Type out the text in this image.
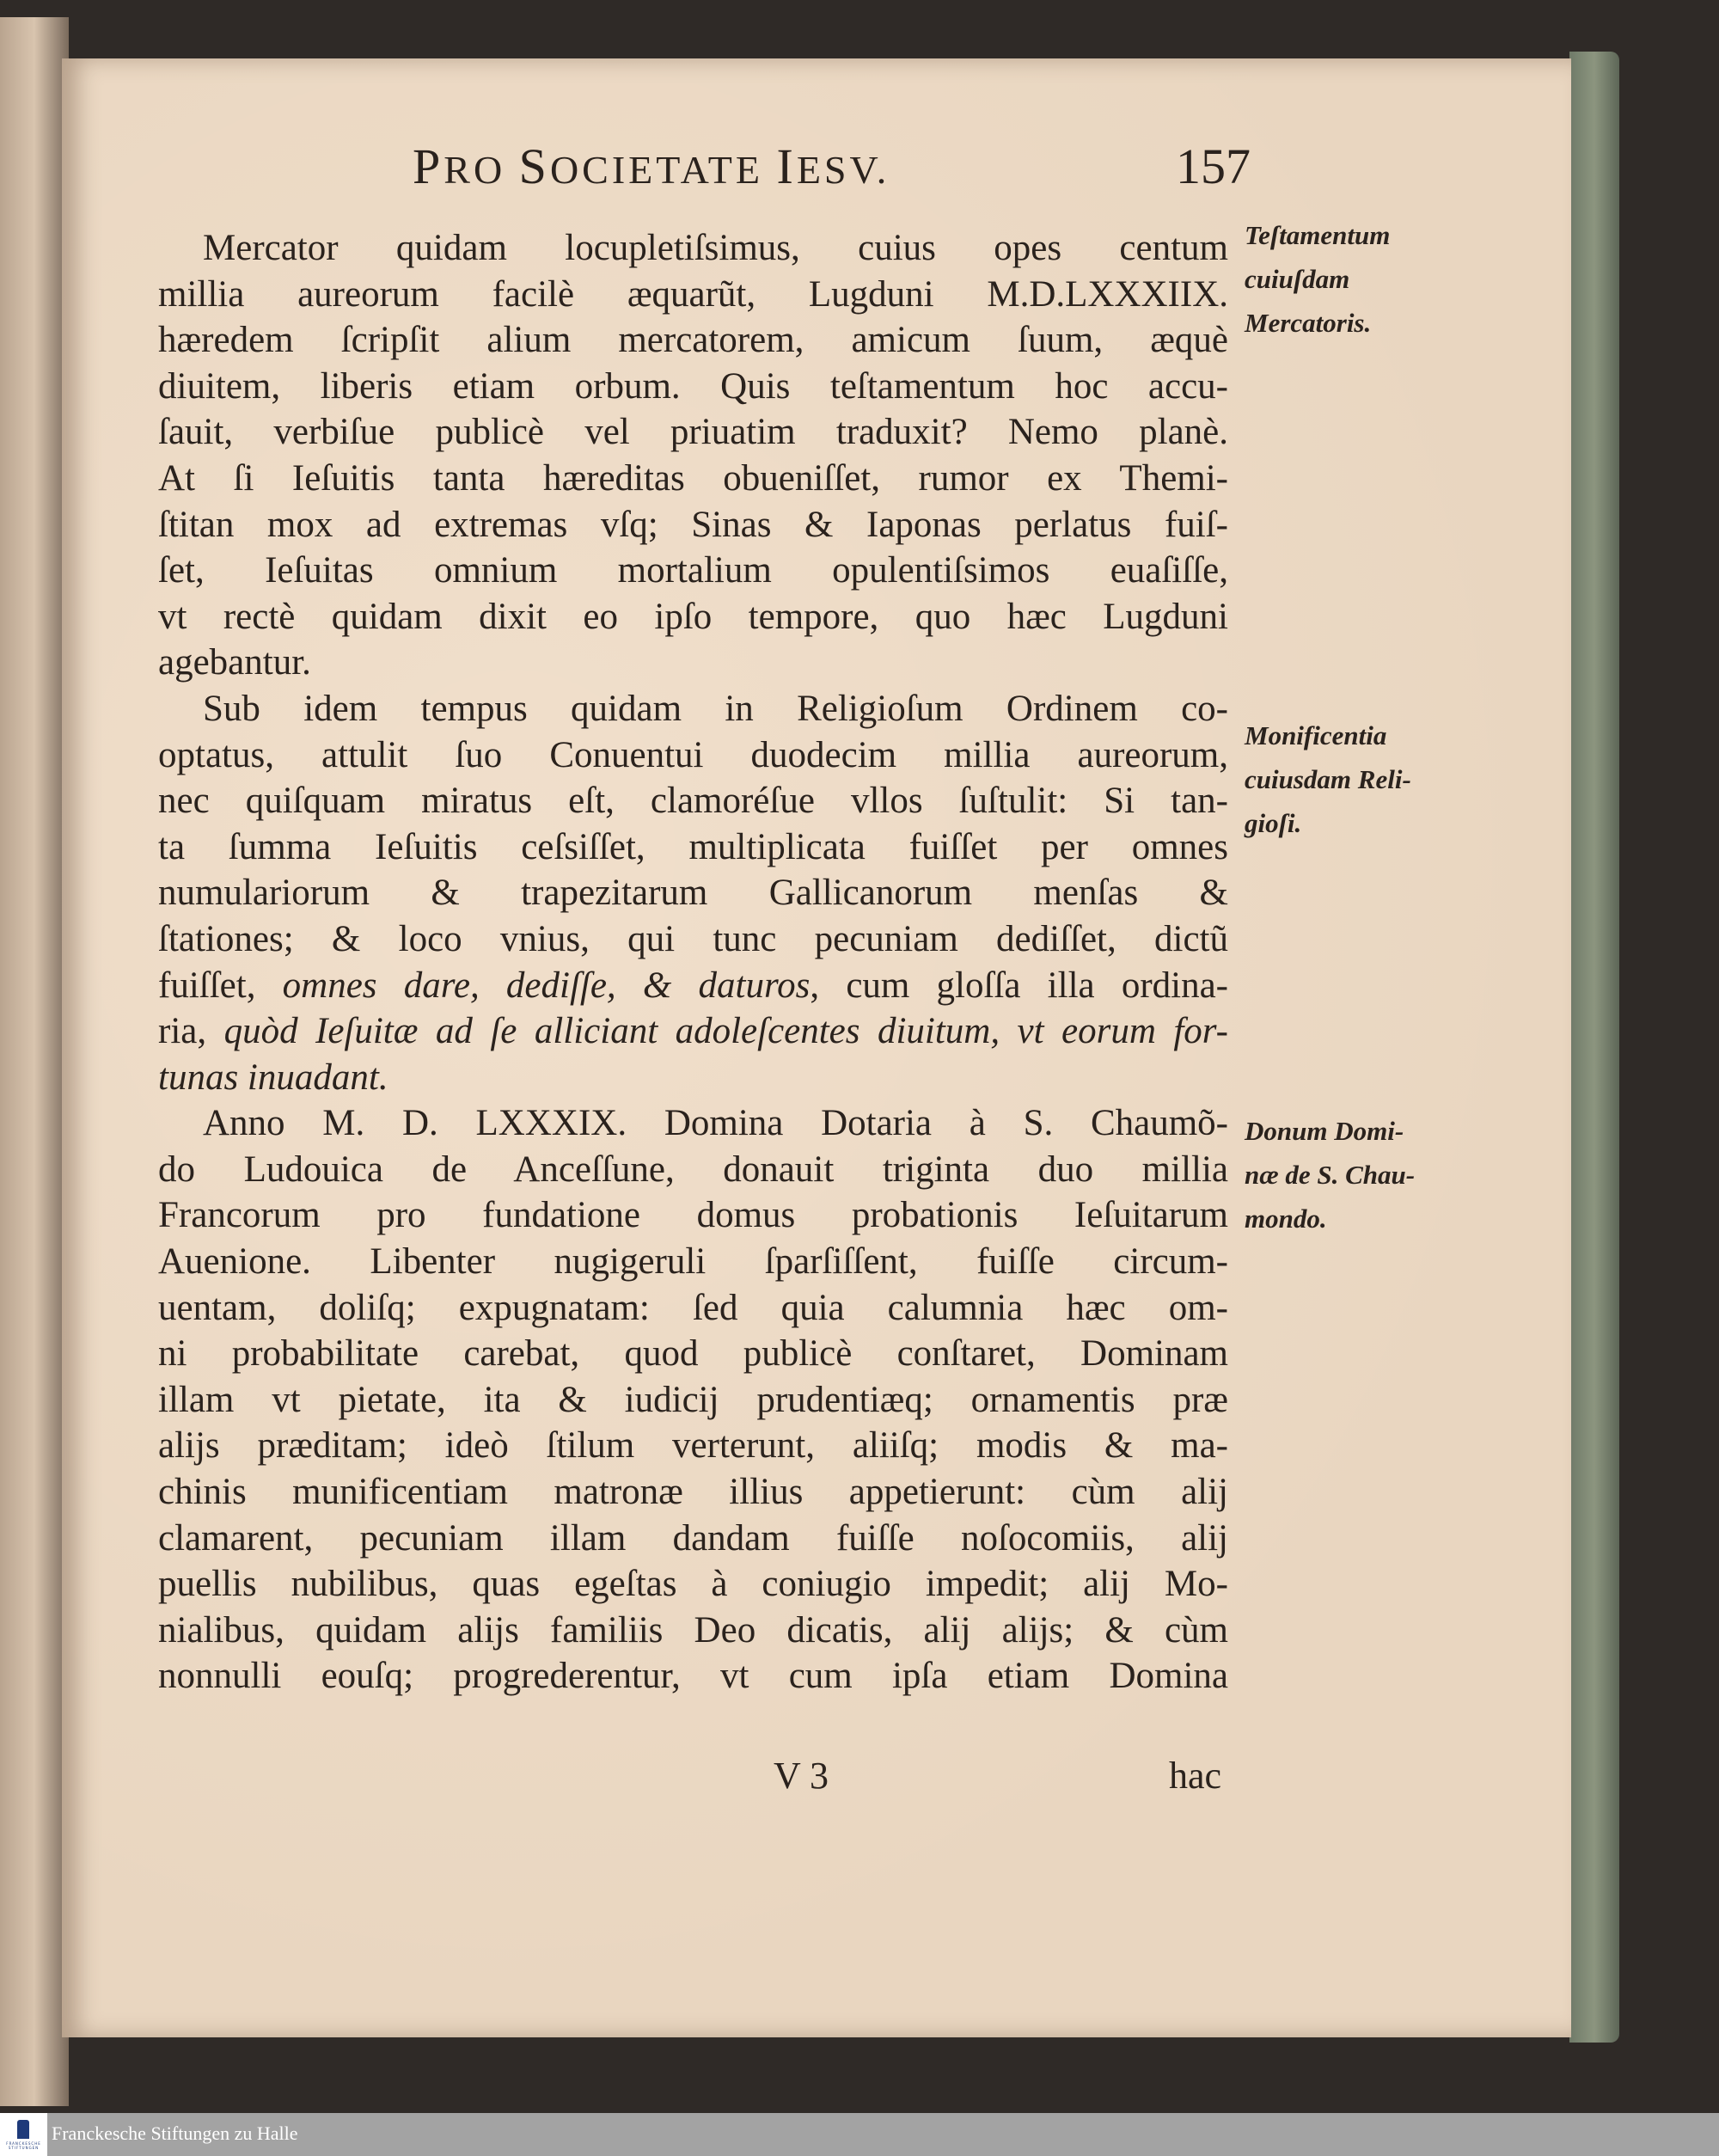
PRO SOCIETATE IESV.	157
Mercator quidam locupletiſsimus, cuius opes centum
millia aureorum facilè æquarũt, Lugduni M.D.LXXXIIX.
hæredem ſcripſit alium mercatorem, amicum ſuum, æquè
diuitem, liberis etiam orbum. Quis teſtamentum hoc accu-
ſauit, verbiſue publicè vel priuatim traduxit? Nemo planè.
At ſi Ieſuitis tanta hæreditas obueniſſet, rumor ex Themi-
ſtitan mox ad extremas vſq; Sinas & Iaponas perlatus fuiſ-
ſet, Ieſuitas omnium mortalium opulentiſsimos euaſiſſe,
vt rectè quidam dixit eo ipſo tempore, quo hæc Lugduni
agebantur.
Sub idem tempus quidam in Religioſum Ordinem co-
optatus, attulit ſuo Conuentui duodecim millia aureorum,
nec quiſquam miratus eſt, clamoréſue vllos ſuſtulit: Si tan-
ta ſumma Ieſuitis ceſsiſſet, multiplicata fuiſſet per omnes
numulariorum & trapezitarum Gallicanorum menſas &
ſtationes; & loco vnius, qui tunc pecuniam dediſſet, dictũ
fuiſſet, omnes dare, dediſſe, & daturos, cum gloſſa illa ordina-
ria, quòd Ieſuitæ ad ſe alliciant adoleſcentes diuitum, vt eorum for-
tunas inuadant.
Anno M. D. LXXXIX. Domina Dotaria à S. Chaumõ-
do Ludouica de Anceſſune, donauit triginta duo millia
Francorum pro fundatione domus probationis Ieſuitarum
Auenione. Libenter nugigeruli ſparſiſſent, fuiſſe circum-
uentam, doliſq; expugnatam: ſed quia calumnia hæc om-
ni probabilitate carebat, quod publicè conſtaret, Dominam
illam vt pietate, ita & iudicij prudentiæq; ornamentis præ
alijs præditam; ideò ſtilum verterunt, aliiſq; modis & ma-
chinis munificentiam matronæ illius appetierunt: cùm alij
clamarent, pecuniam illam dandam fuiſſe noſocomiis, alij
puellis nubilibus, quas egeſtas à coniugio impedit; alij Mo-
nialibus, quidam alijs familiis Deo dicatis, alij alijs; & cùm
nonnulli eouſq; progrederentur, vt cum ipſa etiam Domina
Teſtamentum
cuiuſdam
Mercatoris.
Monificentia
cuiusdam Reli-
gioſi.
Donum Domi-
næ de S. Chau-
mondo.
V 3	hac
FRANCKESCHE STIFTUNGEN
Franckesche Stiftungen zu Halle
